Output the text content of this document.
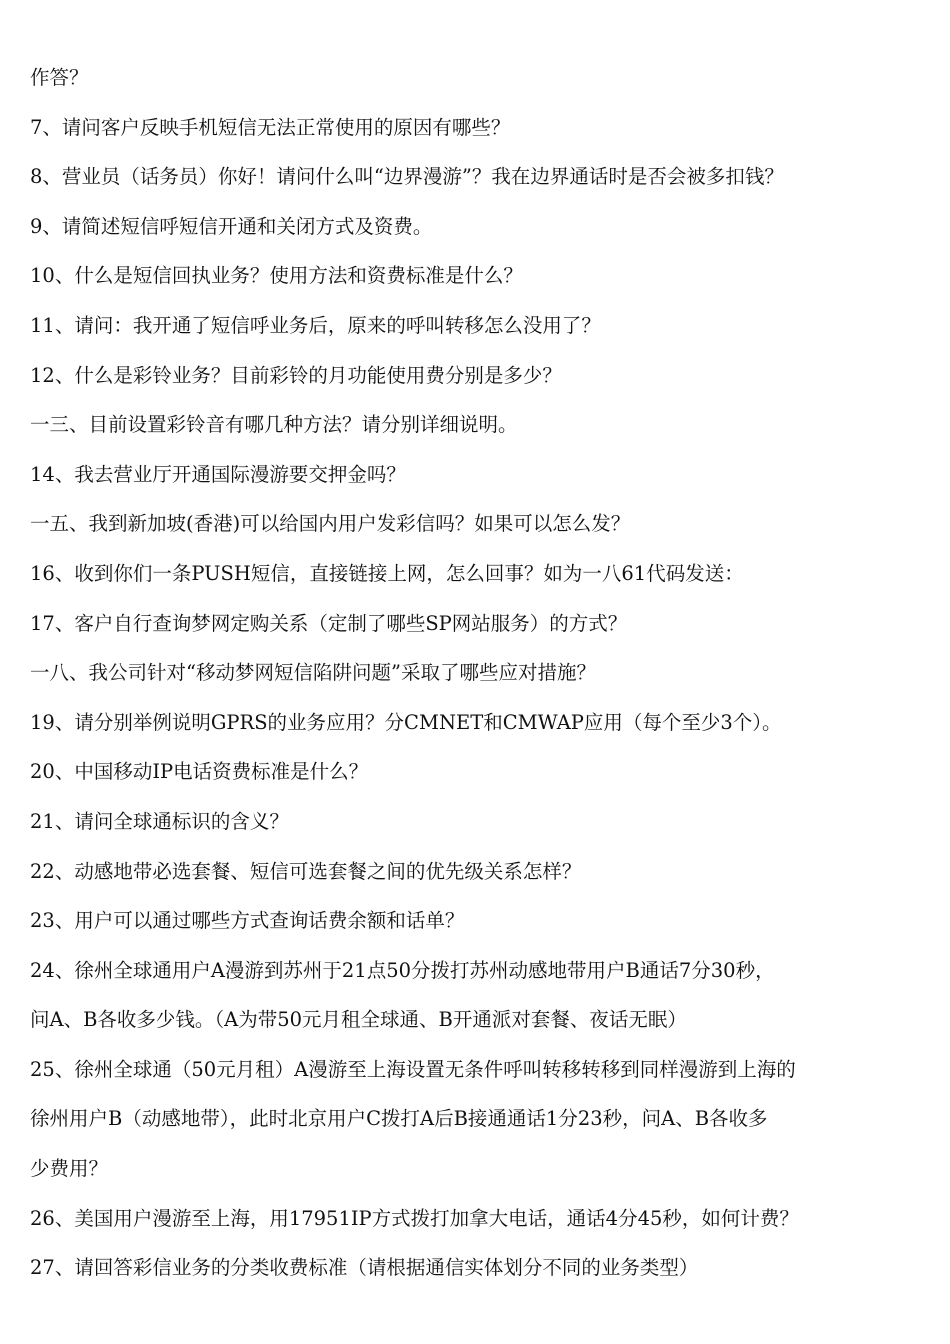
作答？
7、请问客户反映手机短信无法正常使用的原因有哪些？
8、营业员（话务员）你好！请问什么叫“边界漫游”？我在边界通话时是否会被多扣钱？
9、请简述短信呼短信开通和关闭方式及资费。
10、什么是短信回执业务？使用方法和资费标准是什么？
11、请问：我开通了短信呼业务后，原来的呼叫转移怎么没用了？
12、什么是彩铃业务？目前彩铃的月功能使用费分别是多少？
一三、目前设置彩铃音有哪几种方法？请分别详细说明。
14、我去营业厅开通国际漫游要交押金吗？
一五、我到新加坡(香港)可以给国内用户发彩信吗？如果可以怎么发？
16、收到你们一条PUSH短信，直接链接上网，怎么回事？如为一八61代码发送：
17、客户自行查询梦网定购关系（定制了哪些SP网站服务）的方式？
一八、我公司针对“移动梦网短信陷阱问题”采取了哪些应对措施？
19、请分别举例说明GPRS的业务应用？分CMNET和CMWAP应用（每个至少3个）。
20、中国移动IP电话资费标准是什么？
21、请问全球通标识的含义？
22、动感地带必选套餐、短信可选套餐之间的优先级关系怎样？
23、用户可以通过哪些方式查询话费余额和话单？
24、徐州全球通用户A漫游到苏州于21点50分拨打苏州动感地带用户B通话7分30秒，
问A、B各收多少钱。（A为带50元月租全球通、B开通派对套餐、夜话无眠）
25、徐州全球通（50元月租）A漫游至上海设置无条件呼叫转移转移到同样漫游到上海的
徐州用户B（动感地带），此时北京用户C拨打A后B接通通话1分23秒，问A、B各收多
少费用？
26、美国用户漫游至上海，用17951IP方式拨打加拿大电话，通话4分45秒，如何计费？
27、请回答彩信业务的分类收费标准（请根据通信实体划分不同的业务类型）
